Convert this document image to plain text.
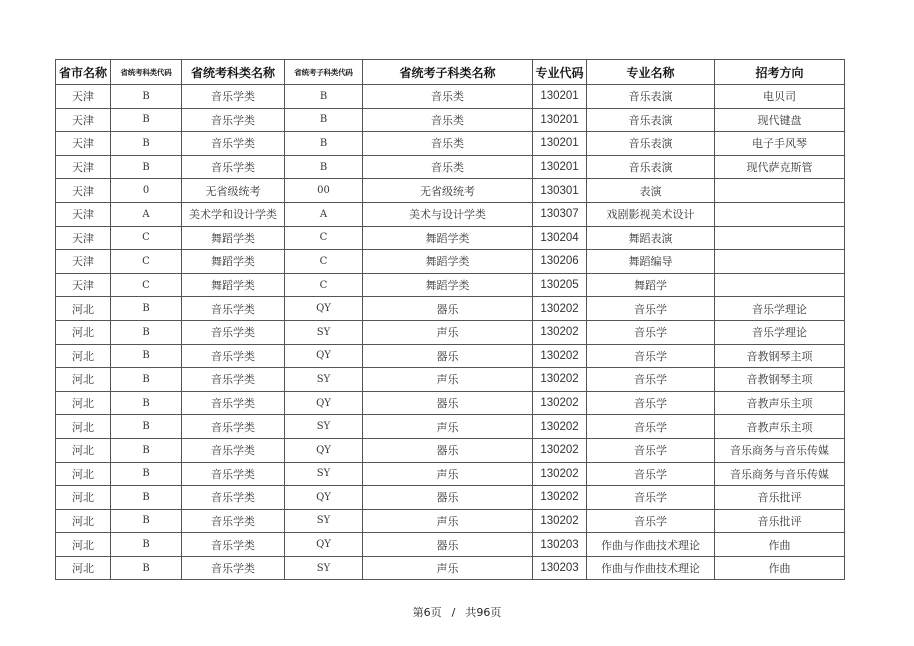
省市名称	省统考科类代码	省统考科类名称	省统考子科类代码	省统考子科类名称	专业代码	专业名称	招考方向
天津	B	音乐学类	B	音乐类	130201	音乐表演	电贝司
天津	B	音乐学类	B	音乐类	130201	音乐表演	现代键盘
天津	B	音乐学类	B	音乐类	130201	音乐表演	电子手风琴
天津	B	音乐学类	B	音乐类	130201	音乐表演	现代萨克斯管
天津	0	无省级统考	00	无省级统考	130301	表演	
天津	A	美术学和设计学类	A	美术与设计学类	130307	戏剧影视美术设计	
天津	C	舞蹈学类	C	舞蹈学类	130204	舞蹈表演	
天津	C	舞蹈学类	C	舞蹈学类	130206	舞蹈编导	
天津	C	舞蹈学类	C	舞蹈学类	130205	舞蹈学	
河北	B	音乐学类	QY	器乐	130202	音乐学	音乐学理论
河北	B	音乐学类	SY	声乐	130202	音乐学	音乐学理论
河北	B	音乐学类	QY	器乐	130202	音乐学	音教钢琴主项
河北	B	音乐学类	SY	声乐	130202	音乐学	音教钢琴主项
河北	B	音乐学类	QY	器乐	130202	音乐学	音教声乐主项
河北	B	音乐学类	SY	声乐	130202	音乐学	音教声乐主项
河北	B	音乐学类	QY	器乐	130202	音乐学	音乐商务与音乐传媒
河北	B	音乐学类	SY	声乐	130202	音乐学	音乐商务与音乐传媒
河北	B	音乐学类	QY	器乐	130202	音乐学	音乐批评
河北	B	音乐学类	SY	声乐	130202	音乐学	音乐批评
河北	B	音乐学类	QY	器乐	130203	作曲与作曲技术理论	作曲
河北	B	音乐学类	SY	声乐	130203	作曲与作曲技术理论	作曲
第6页 / 共96页
